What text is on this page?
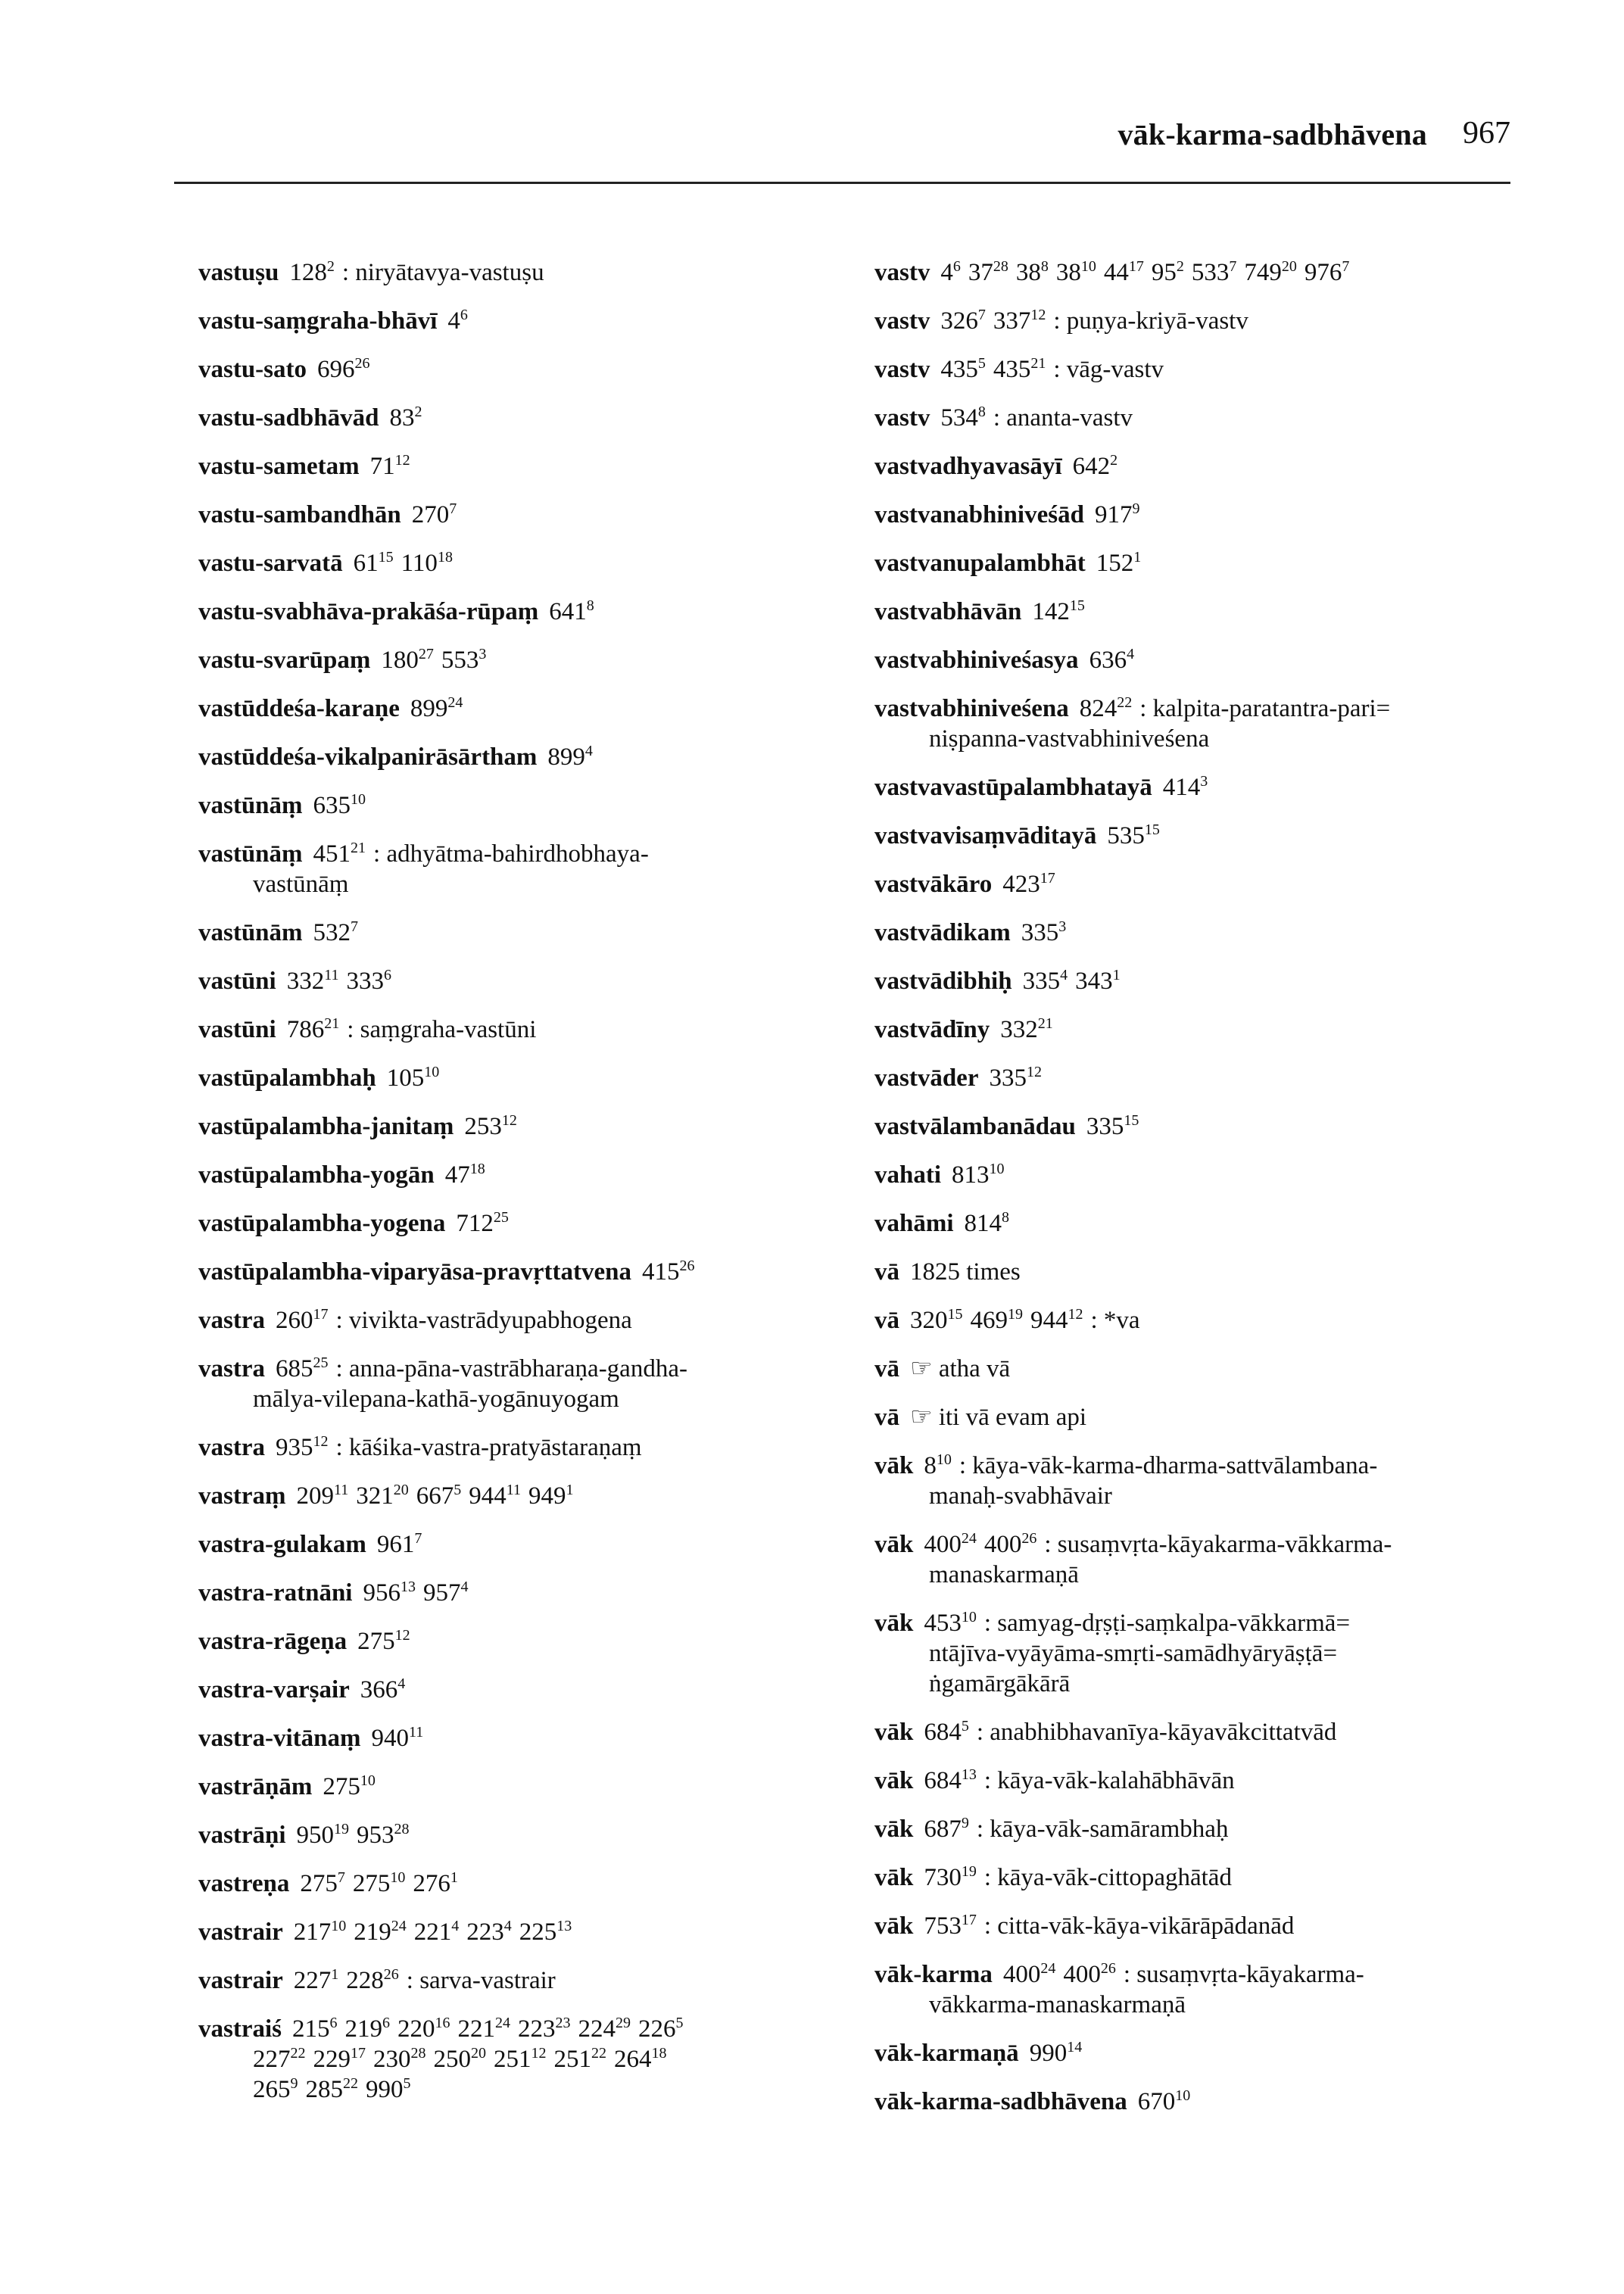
vāk-karma-sadbhāvena 967
vastuṣu $128^2$ : niryātavya-vastuṣu
vastu-saṃgraha-bhāvī $4^6$
vastu-sato $696^{26}$
vastu-sadbhāvād $83^2$
vastu-sametam $71^{12}$
vastu-sambandhān $270^7$
vastu-sarvatā $61^{15}$ $110^{18}$
vastu-svabhāva-prakāśa-rūpaṃ $641^8$
vastu-svarūpaṃ $180^{27}$ $553^3$
vastūddeśa-karaṇe $899^{24}$
vastūddeśa-vikalpanirāsārtham $899^4$
vastūnāṃ $635^{10}$
vastūnāṃ $451^{21}$ : adhyātma-bahirdhobhaya-
vastūnāṃ
vastūnām $532^7$
vastūni $332^{11}$ $333^6$
vastūni $786^{21}$ : saṃgraha-vastūni
vastūpalambhaḥ $105^{10}$
vastūpalambha-janitaṃ $253^{12}$
vastūpalambha-yogān $47^{18}$
vastūpalambha-yogena $712^{25}$
vastūpalambha-viparyāsa-pravṛttatvena $415^{26}$
vastra $260^{17}$ : vivikta-vastrādyupabhogena
vastra $685^{25}$ : anna-pāna-vastrābharaṇa-gandha-
mālya-vilepana-kathā-yogānuyogam
vastra $935^{12}$ : kāśika-vastra-pratyāstaraṇaṃ
vastraṃ $209^{11}$ $321^{20}$ $667^5$ $944^{11}$ $949^1$
vastra-gulakam $961^7$
vastra-ratnāni $956^{13}$ $957^4$
vastra-rāgeṇa $275^{12}$
vastra-varṣair $366^4$
vastra-vitānaṃ $940^{11}$
vastrāṇām $275^{10}$
vastrāṇi $950^{19}$ $953^{28}$
vastreṇa $275^7$ $275^{10}$ $276^1$
vastrair $217^{10}$ $219^{24}$ $221^4$ $223^4$ $225^{13}$
vastrair $227^1$ $228^{26}$ : sarva-vastrair
vastraiś $215^6$ $219^6$ $220^{16}$ $221^{24}$ $223^{23}$ $224^{29}$ $226^5$
$227^{22}$ $229^{17}$ $230^{28}$ $250^{20}$ $251^{12}$ $251^{22}$ $264^{18}$
$265^9$ $285^{22}$ $990^5$
vastv $4^6$ $37^{28}$ $38^8$ $38^{10}$ $44^{17}$ $95^2$ $533^7$ $749^{20}$ $976^7$
vastv $326^7$ $337^{12}$ : puṇya-kriyā-vastv
vastv $435^5$ $435^{21}$ : vāg-vastv
vastv $534^8$ : ananta-vastv
vastvadhyavasāyī $642^2$
vastvanabhiniveśād $917^9$
vastvanupalambhāt $152^1$
vastvabhāvān $142^{15}$
vastvabhiniveśasya $636^4$
vastvabhiniveśena $824^{22}$ : kalpita-paratantra-pari=
niṣpanna-vastvabhiniveśena
vastvavastūpalambhatayā $414^3$
vastvavisaṃvāditayā $535^{15}$
vastvākāro $423^{17}$
vastvādikam $335^3$
vastvādibhiḥ $335^4$ $343^1$
vastvādīny $332^{21}$
vastvāder $335^{12}$
vastvālambanādau $335^{15}$
vahati $813^{10}$
vahāmi $814^8$
vā 1825 times
vā $320^{15}$ $469^{19}$ $944^{12}$ : *va
vā ☞ atha vā
vā ☞ iti vā evam api
vāk $8^{10}$ : kāya-vāk-karma-dharma-sattvālambana-
manaḥ-svabhāvair
vāk $400^{24}$ $400^{26}$ : susaṃvṛta-kāyakarma-vākkarma-
manaskarmaṇā
vāk $453^{10}$ : samyag-dṛṣṭi-saṃkalpa-vākkarmā=
ntājīva-vyāyāma-smṛti-samādhyāryāṣṭā=
ṅgamārgākārā
vāk $684^5$ : anabhibhavanīya-kāyavākcittatvād
vāk $684^{13}$ : kāya-vāk-kalahābhāvān
vāk $687^9$ : kāya-vāk-samārambhaḥ
vāk $730^{19}$ : kāya-vāk-cittopaghātād
vāk $753^{17}$ : citta-vāk-kāya-vikārāpādanād
vāk-karma $400^{24}$ $400^{26}$ : susaṃvṛta-kāyakarma-
vākkarma-manaskarmaṇā
vāk-karmaṇā $990^{14}$
vāk-karma-sadbhāvena $670^{10}$
